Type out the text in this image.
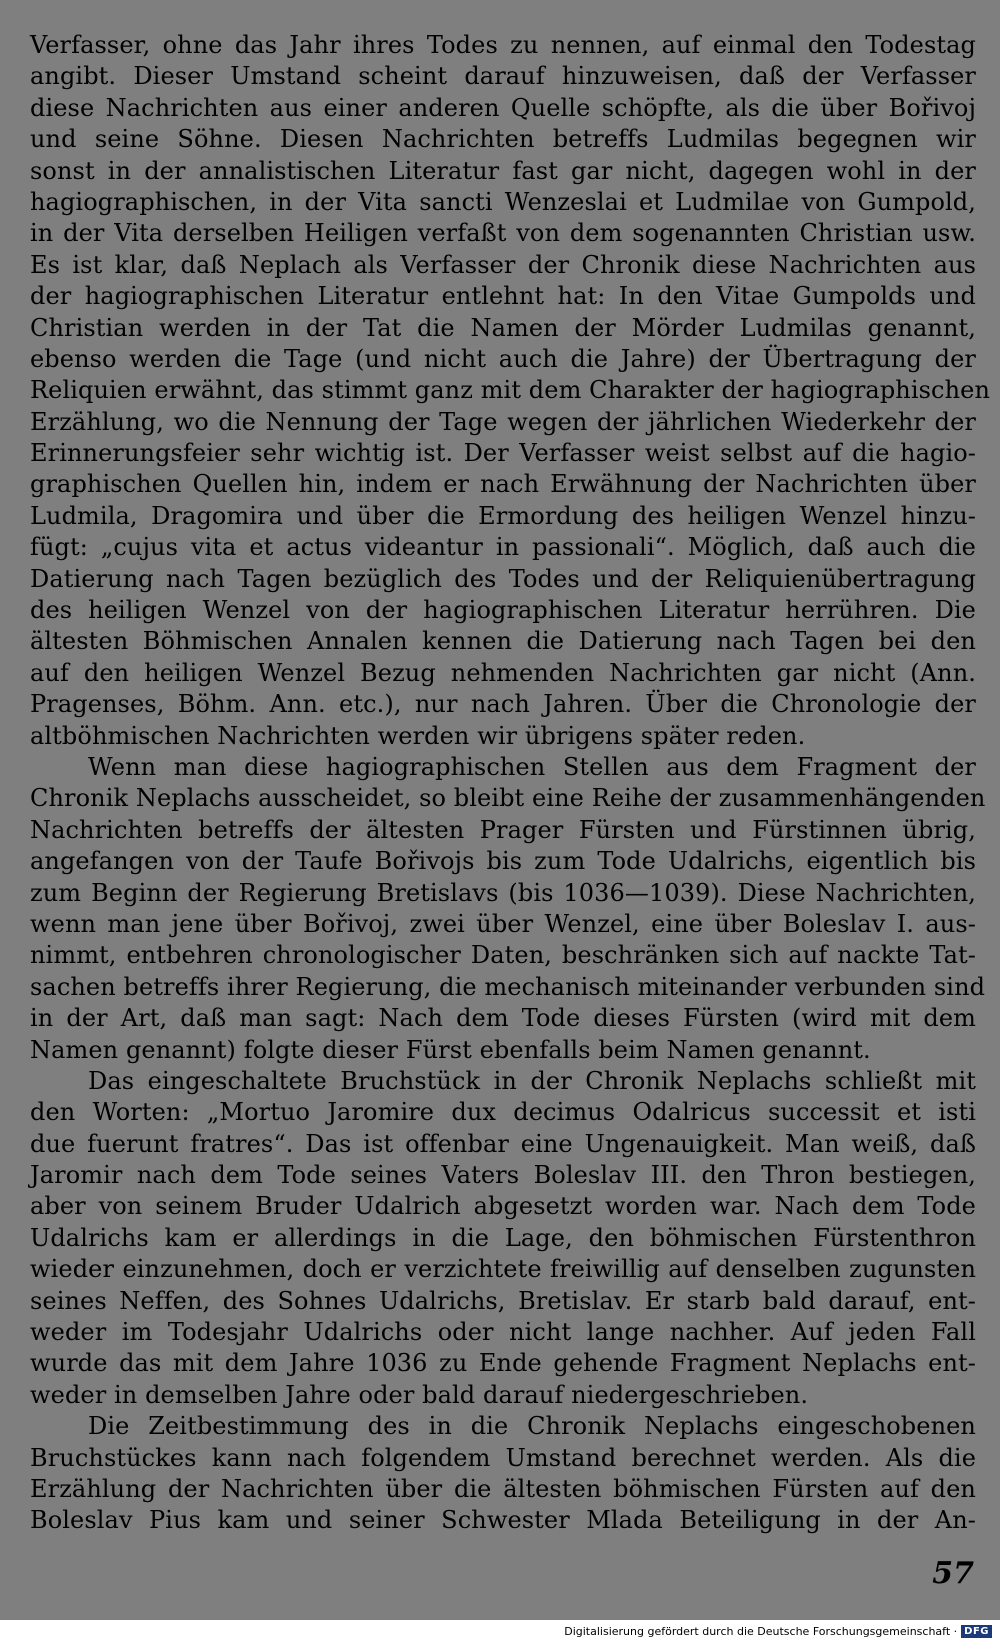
Verfasser, ohne das Jahr ihres Todes zu nennen, auf einmal den Todestag
angibt. Dieser Umstand scheint darauf hinzuweisen, daß der Verfasser
diese Nachrichten aus einer anderen Quelle schöpfte, als die über Bořivoj
und seine Söhne. Diesen Nachrichten betreffs Ludmilas begegnen wir
sonst in der annalistischen Literatur fast gar nicht, dagegen wohl in der
hagiographischen, in der Vita sancti Wenzeslai et Ludmilae von Gumpold,
in der Vita derselben Heiligen verfaßt von dem sogenannten Christian usw.
Es ist klar, daß Neplach als Verfasser der Chronik diese Nachrichten aus
der hagiographischen Literatur entlehnt hat: In den Vitae Gumpolds und
Christian werden in der Tat die Namen der Mörder Ludmilas genannt,
ebenso werden die Tage (und nicht auch die Jahre) der Übertragung der
Reliquien erwähnt, das stimmt ganz mit dem Charakter der hagiographischen
Erzählung, wo die Nennung der Tage wegen der jährlichen Wiederkehr der
Erinnerungsfeier sehr wichtig ist. Der Verfasser weist selbst auf die hagio-
graphischen Quellen hin, indem er nach Erwähnung der Nachrichten über
Ludmila, Dragomira und über die Ermordung des heiligen Wenzel hinzu-
fügt: „cujus vita et actus videantur in passionali“. Möglich, daß auch die
Datierung nach Tagen bezüglich des Todes und der Reliquienübertragung
des heiligen Wenzel von der hagiographischen Literatur herrühren. Die
ältesten Böhmischen Annalen kennen die Datierung nach Tagen bei den
auf den heiligen Wenzel Bezug nehmenden Nachrichten gar nicht (Ann.
Pragenses, Böhm. Ann. etc.), nur nach Jahren. Über die Chronologie der
altböhmischen Nachrichten werden wir übrigens später reden.
Wenn man diese hagiographischen Stellen aus dem Fragment der
Chronik Neplachs ausscheidet, so bleibt eine Reihe der zusammenhängenden
Nachrichten betreffs der ältesten Prager Fürsten und Fürstinnen übrig,
angefangen von der Taufe Bořivojs bis zum Tode Udalrichs, eigentlich bis
zum Beginn der Regierung Bretislavs (bis 1036—1039). Diese Nachrichten,
wenn man jene über Bořivoj, zwei über Wenzel, eine über Boleslav I. aus-
nimmt, entbehren chronologischer Daten, beschränken sich auf nackte Tat-
sachen betreffs ihrer Regierung, die mechanisch miteinander verbunden sind
in der Art, daß man sagt: Nach dem Tode dieses Fürsten (wird mit dem
Namen genannt) folgte dieser Fürst ebenfalls beim Namen genannt.
Das eingeschaltete Bruchstück in der Chronik Neplachs schließt mit
den Worten: „Mortuo Jaromire dux decimus Odalricus successit et isti
due fuerunt fratres“. Das ist offenbar eine Ungenauigkeit. Man weiß, daß
Jaromir nach dem Tode seines Vaters Boleslav III. den Thron bestiegen,
aber von seinem Bruder Udalrich abgesetzt worden war. Nach dem Tode
Udalrichs kam er allerdings in die Lage, den böhmischen Fürstenthron
wieder einzunehmen, doch er verzichtete freiwillig auf denselben zugunsten
seines Neffen, des Sohnes Udalrichs, Bretislav. Er starb bald darauf, ent-
weder im Todesjahr Udalrichs oder nicht lange nachher. Auf jeden Fall
wurde das mit dem Jahre 1036 zu Ende gehende Fragment Neplachs ent-
weder in demselben Jahre oder bald darauf niedergeschrieben.
Die Zeitbestimmung des in die Chronik Neplachs eingeschobenen
Bruchstückes kann nach folgendem Umstand berechnet werden. Als die
Erzählung der Nachrichten über die ältesten böhmischen Fürsten auf den
Boleslav Pius kam und seiner Schwester Mlada Beteiligung in der An-
57
Digitalisierung gefördert durch die Deutsche Forschungsgemeinschaft · DFG
